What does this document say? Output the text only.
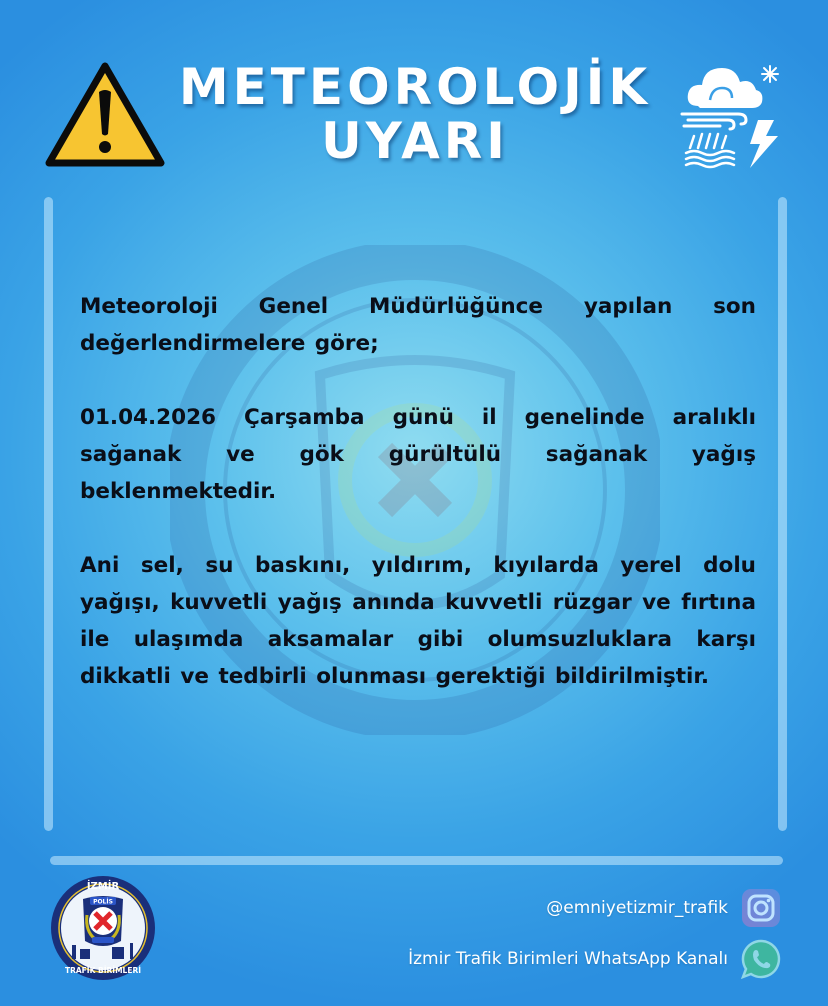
METEOROLOJİK
UYARI

Meteoroloji Genel Müdürlüğünce yapılan son değerlendirmelere göre;

01.04.2026 Çarşamba günü il genelinde aralıklı sağanak ve gök gürültülü sağanak yağış beklenmektedir.

Ani sel, su baskını, yıldırım, kıyılarda yerel dolu yağışı, kuvvetli yağış anında kuvvetli rüzgar ve fırtına ile ulaşımda aksamalar gibi olumsuzluklara karşı dikkatli ve tedbirli olunması gerektiği bildirilmiştir.

İZMİR
POLİS
TRAFİK BİRİMLERİ
@emniyetizmir_trafik
İzmir Trafik Birimleri WhatsApp Kanalı
